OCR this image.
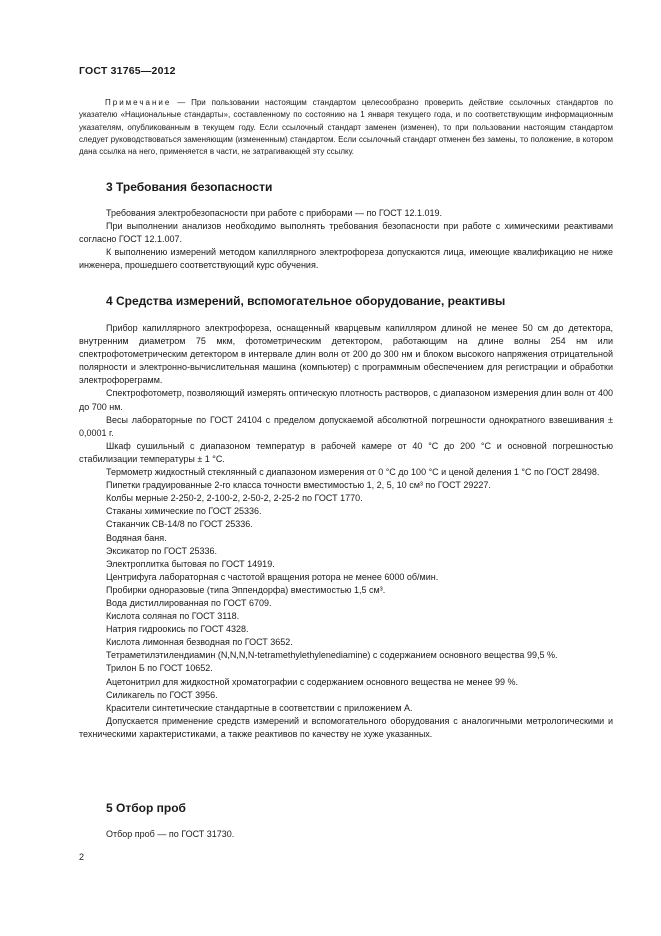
ГОСТ 31765—2012

Примечание — При пользовании настоящим стандартом целесообразно проверить действие ссылочных стандартов по указателю «Национальные стандарты», составленному по состоянию на 1 января текущего года, и по соответствующим информационным указателям, опубликованным в текущем году. Если ссылочный стандарт заменен (изменен), то при пользовании настоящим стандартом следует руководствоваться заменяющим (измененным) стандартом. Если ссылочный стандарт отменен без замены, то положение, в котором дана ссылка на него, применяется в части, не затрагивающей эту ссылку.

3 Требования безопасности

Требования электробезопасности при работе с приборами — по ГОСТ 12.1.019.

При выполнении анализов необходимо выполнять требования безопасности при работе с химическими реактивами согласно ГОСТ 12.1.007.

К выполнению измерений методом капиллярного электрофореза допускаются лица, имеющие квалификацию не ниже инженера, прошедшего соответствующий курс обучения.

4 Средства измерений, вспомогательное оборудование, реактивы

Прибор капиллярного электрофореза, оснащенный кварцевым капилляром длиной не менее 50 см до детектора, внутренним диаметром 75 мкм, фотометрическим детектором, работающим на длине волны 254 нм или спектрофотометрическим детектором в интервале длин волн от 200 до 300 нм и блоком высокого напряжения отрицательной полярности и электронно-вычислительная машина (компьютер) с программным обеспечением для регистрации и обработки электрофореграмм.

Спектрофотометр, позволяющий измерять оптическую плотность растворов, с диапазоном измерения длин волн от 400 до 700 нм.

Весы лабораторные по ГОСТ 24104 с пределом допускаемой абсолютной погрешности однократного взвешивания ± 0,0001 г.

Шкаф сушильный с диапазоном температур в рабочей камере от 40 °С до 200 °С и основной погрешностью стабилизации температуры ± 1 °С.

Термометр жидкостный стеклянный с диапазоном измерения от 0 °С до 100 °С и ценой деления 1 °С по ГОСТ 28498.

Пипетки градуированные 2-го класса точности вместимостью 1, 2, 5, 10 см³ по ГОСТ 29227.

Колбы мерные 2-250-2, 2-100-2, 2-50-2, 2-25-2 по ГОСТ 1770.

Стаканы химические по ГОСТ 25336.

Стаканчик СВ-14/8 по ГОСТ 25336.

Водяная баня.

Эксикатор по ГОСТ 25336.

Электроплитка бытовая по ГОСТ 14919.

Центрифуга лабораторная с частотой вращения ротора не менее 6000 об/мин.

Пробирки одноразовые (типа Эппендорфа) вместимостью 1,5 см³.

Вода дистиллированная по ГОСТ 6709.

Кислота соляная по ГОСТ 3118.

Натрия гидроокись по ГОСТ 4328.

Кислота лимонная безводная по ГОСТ 3652.

Тетраметилэтилендиамин (N,N,N,N-tetramethylethylenediamine) с содержанием основного вещества 99,5 %.

Трилон Б по ГОСТ 10652.

Ацетонитрил для жидкостной хроматографии с содержанием основного вещества не менее 99 %.

Силикагель по ГОСТ 3956.

Красители синтетические стандартные в соответствии с приложением А.

Допускается применение средств измерений и вспомогательного оборудования с аналогичными метрологическими и техническими характеристиками, а также реактивов по качеству не хуже указанных.

5 Отбор проб

Отбор проб — по ГОСТ 31730.

2
